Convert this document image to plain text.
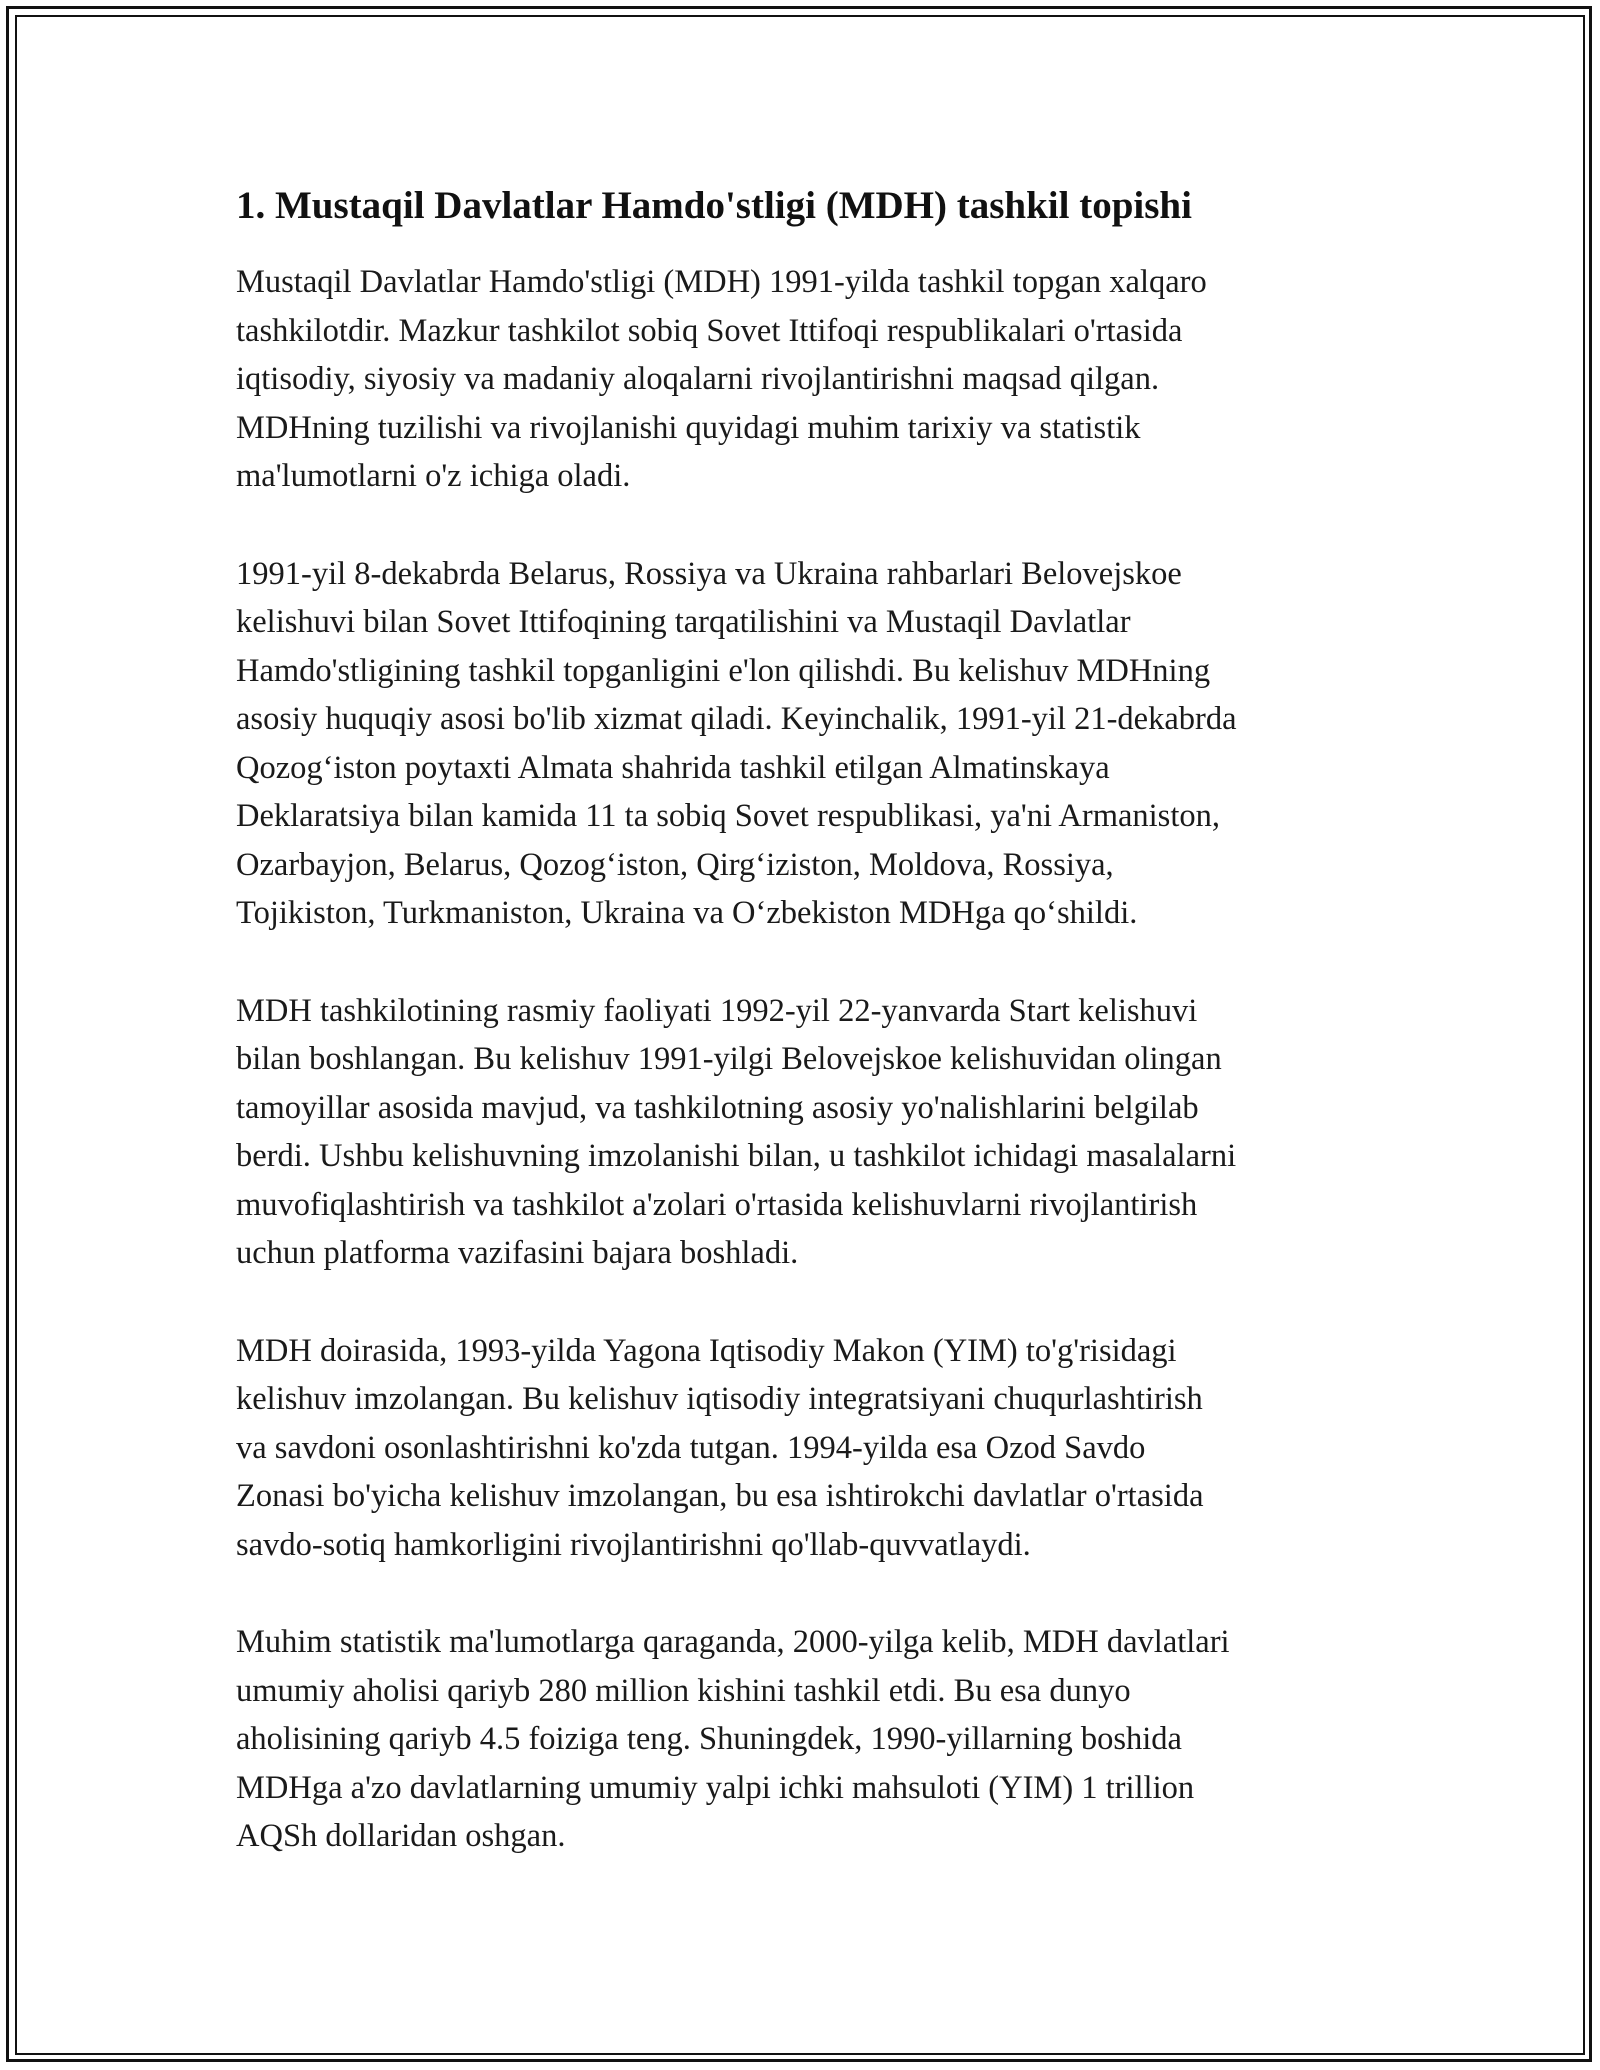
1. Mustaqil Davlatlar Hamdo'stligi (MDH) tashkil topishi

Mustaqil Davlatlar Hamdo'stligi (MDH) 1991-yilda tashkil topgan xalqaro
tashkilotdir. Mazkur tashkilot sobiq Sovet Ittifoqi respublikalari o'rtasida
iqtisodiy, siyosiy va madaniy aloqalarni rivojlantirishni maqsad qilgan.
MDHning tuzilishi va rivojlanishi quyidagi muhim tarixiy va statistik
ma'lumotlarni o'z ichiga oladi.

1991-yil 8-dekabrda Belarus, Rossiya va Ukraina rahbarlari Belovejskoe
kelishuvi bilan Sovet Ittifoqining tarqatilishini va Mustaqil Davlatlar
Hamdo'stligining tashkil topganligini e'lon qilishdi. Bu kelishuv MDHning
asosiy huquqiy asosi bo'lib xizmat qiladi. Keyinchalik, 1991-yil 21-dekabrda
Qozog‘iston poytaxti Almata shahrida tashkil etilgan Almatinskaya
Deklaratsiya bilan kamida 11 ta sobiq Sovet respublikasi, ya'ni Armaniston,
Ozarbayjon, Belarus, Qozog‘iston, Qirg‘iziston, Moldova, Rossiya,
Tojikiston, Turkmaniston, Ukraina va O‘zbekiston MDHga qo‘shildi.

MDH tashkilotining rasmiy faoliyati 1992-yil 22-yanvarda Start kelishuvi
bilan boshlangan. Bu kelishuv 1991-yilgi Belovejskoe kelishuvidan olingan
tamoyillar asosida mavjud, va tashkilotning asosiy yo'nalishlarini belgilab
berdi. Ushbu kelishuvning imzolanishi bilan, u tashkilot ichidagi masalalarni
muvofiqlashtirish va tashkilot a'zolari o'rtasida kelishuvlarni rivojlantirish
uchun platforma vazifasini bajara boshladi.

MDH doirasida, 1993-yilda Yagona Iqtisodiy Makon (YIM) to'g'risidagi
kelishuv imzolangan. Bu kelishuv iqtisodiy integratsiyani chuqurlashtirish
va savdoni osonlashtirishni ko'zda tutgan. 1994-yilda esa Ozod Savdo
Zonasi bo'yicha kelishuv imzolangan, bu esa ishtirokchi davlatlar o'rtasida
savdo-sotiq hamkorligini rivojlantirishni qo'llab-quvvatlaydi.

Muhim statistik ma'lumotlarga qaraganda, 2000-yilga kelib, MDH davlatlari
umumiy aholisi qariyb 280 million kishini tashkil etdi. Bu esa dunyo
aholisining qariyb 4.5 foiziga teng. Shuningdek, 1990-yillarning boshida
MDHga a'zo davlatlarning umumiy yalpi ichki mahsuloti (YIM) 1 trillion
AQSh dollaridan oshgan.
